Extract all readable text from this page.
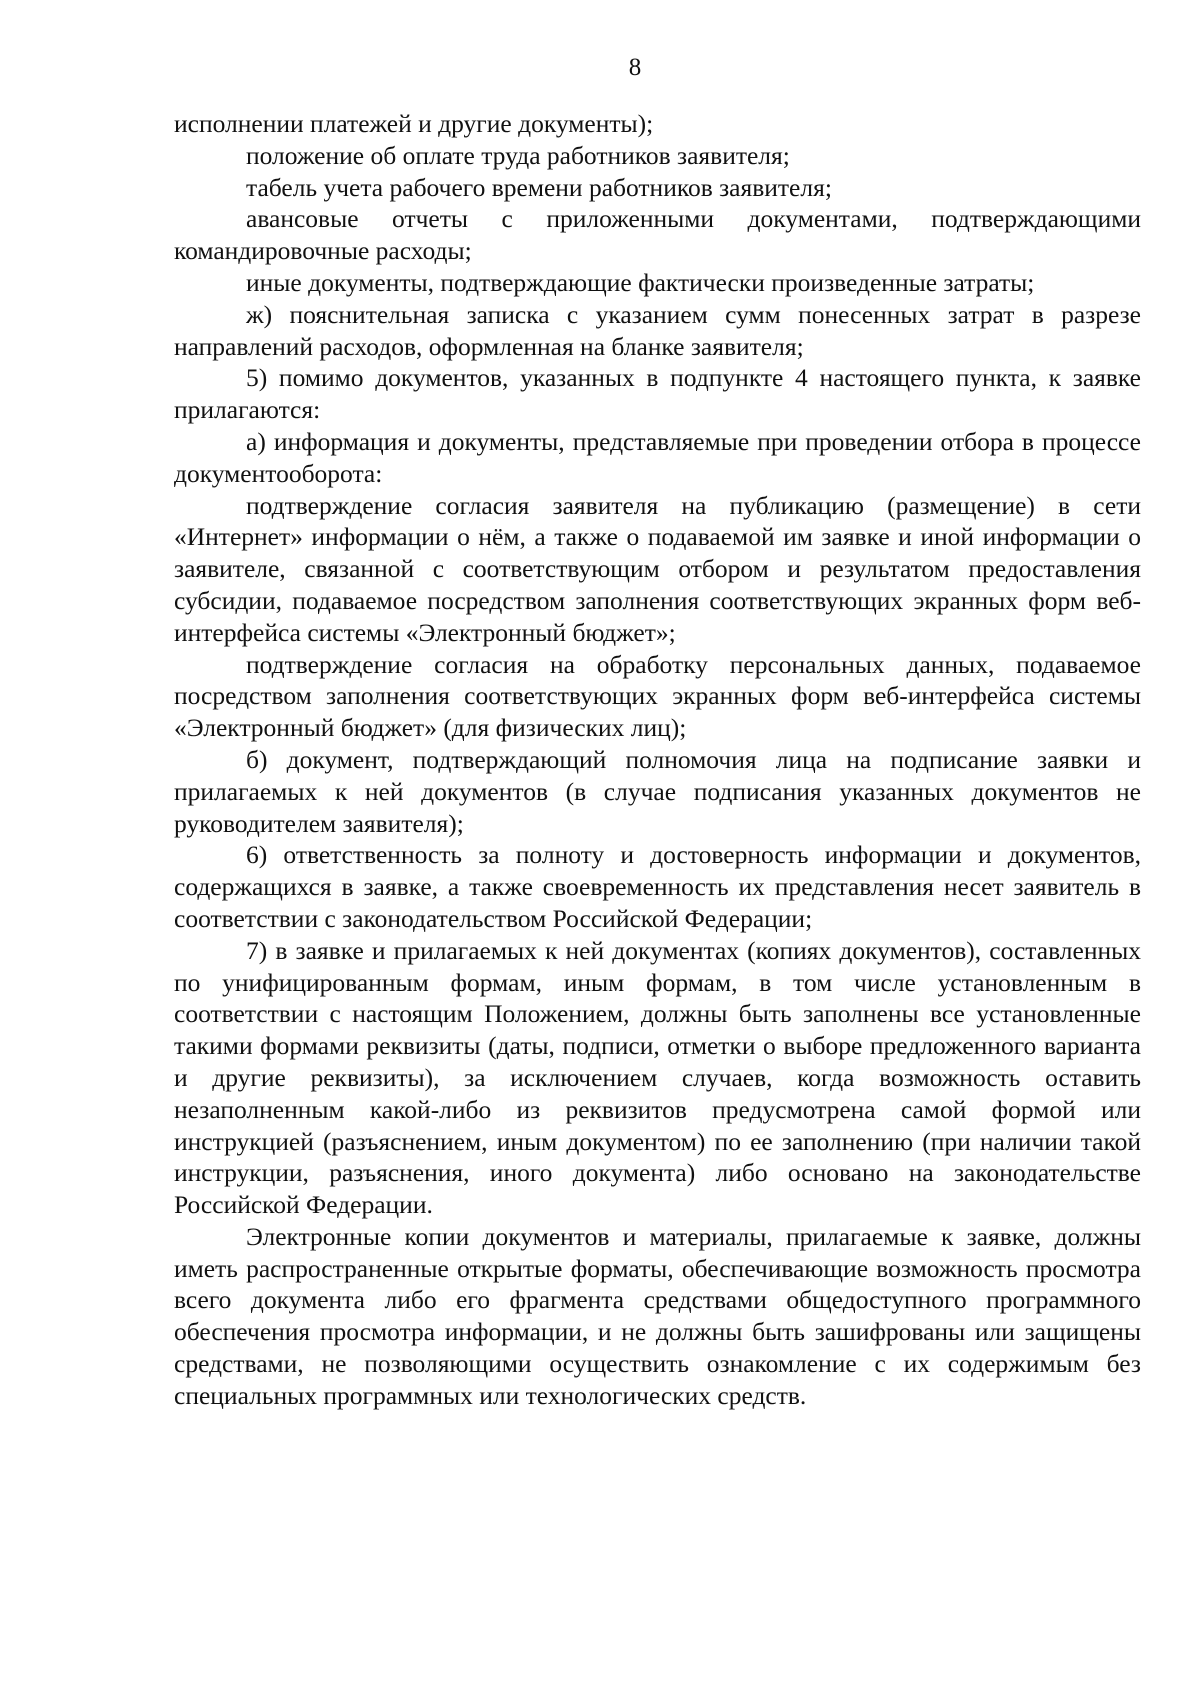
8

исполнении платежей и другие документы);

положение об оплате труда работников заявителя;

табель учета рабочего времени работников заявителя;

авансовые отчеты с приложенными документами, подтверждающими командировочные расходы;

иные документы, подтверждающие фактически произведенные затраты;

ж) пояснительная записка с указанием сумм понесенных затрат в разрезе направлений расходов, оформленная на бланке заявителя;

5) помимо документов, указанных в подпункте 4 настоящего пункта, к заявке прилагаются:

а) информация и документы, представляемые при проведении отбора в процессе документооборота:

подтверждение согласия заявителя на публикацию (размещение) в сети «Интернет» информации о нём, а также о подаваемой им заявке и иной информации о заявителе, связанной с соответствующим отбором и результатом предоставления субсидии, подаваемое посредством заполнения соответствующих экранных форм веб-интерфейса системы «Электронный бюджет»;

подтверждение согласия на обработку персональных данных, подаваемое посредством заполнения соответствующих экранных форм веб-интерфейса системы «Электронный бюджет» (для физических лиц);

б) документ, подтверждающий полномочия лица на подписание заявки и прилагаемых к ней документов (в случае подписания указанных документов не руководителем заявителя);

6) ответственность за полноту и достоверность информации и документов, содержащихся в заявке, а также своевременность их представления несет заявитель в соответствии с законодательством Российской Федерации;

7) в заявке и прилагаемых к ней документах (копиях документов), составленных по унифицированным формам, иным формам, в том числе установленным в соответствии с настоящим Положением, должны быть заполнены все установленные такими формами реквизиты (даты, подписи, отметки о выборе предложенного варианта и другие реквизиты), за исключением случаев, когда возможность оставить незаполненным какой-либо из реквизитов предусмотрена самой формой или инструкцией (разъяснением, иным документом) по ее заполнению (при наличии такой инструкции, разъяснения, иного документа) либо основано на законодательстве Российской Федерации.

Электронные копии документов и материалы, прилагаемые к заявке, должны иметь распространенные открытые форматы, обеспечивающие возможность просмотра всего документа либо его фрагмента средствами общедоступного программного обеспечения просмотра информации, и не должны быть зашифрованы или защищены средствами, не позволяющими осуществить ознакомление с их содержимым без специальных программных или технологических средств.
